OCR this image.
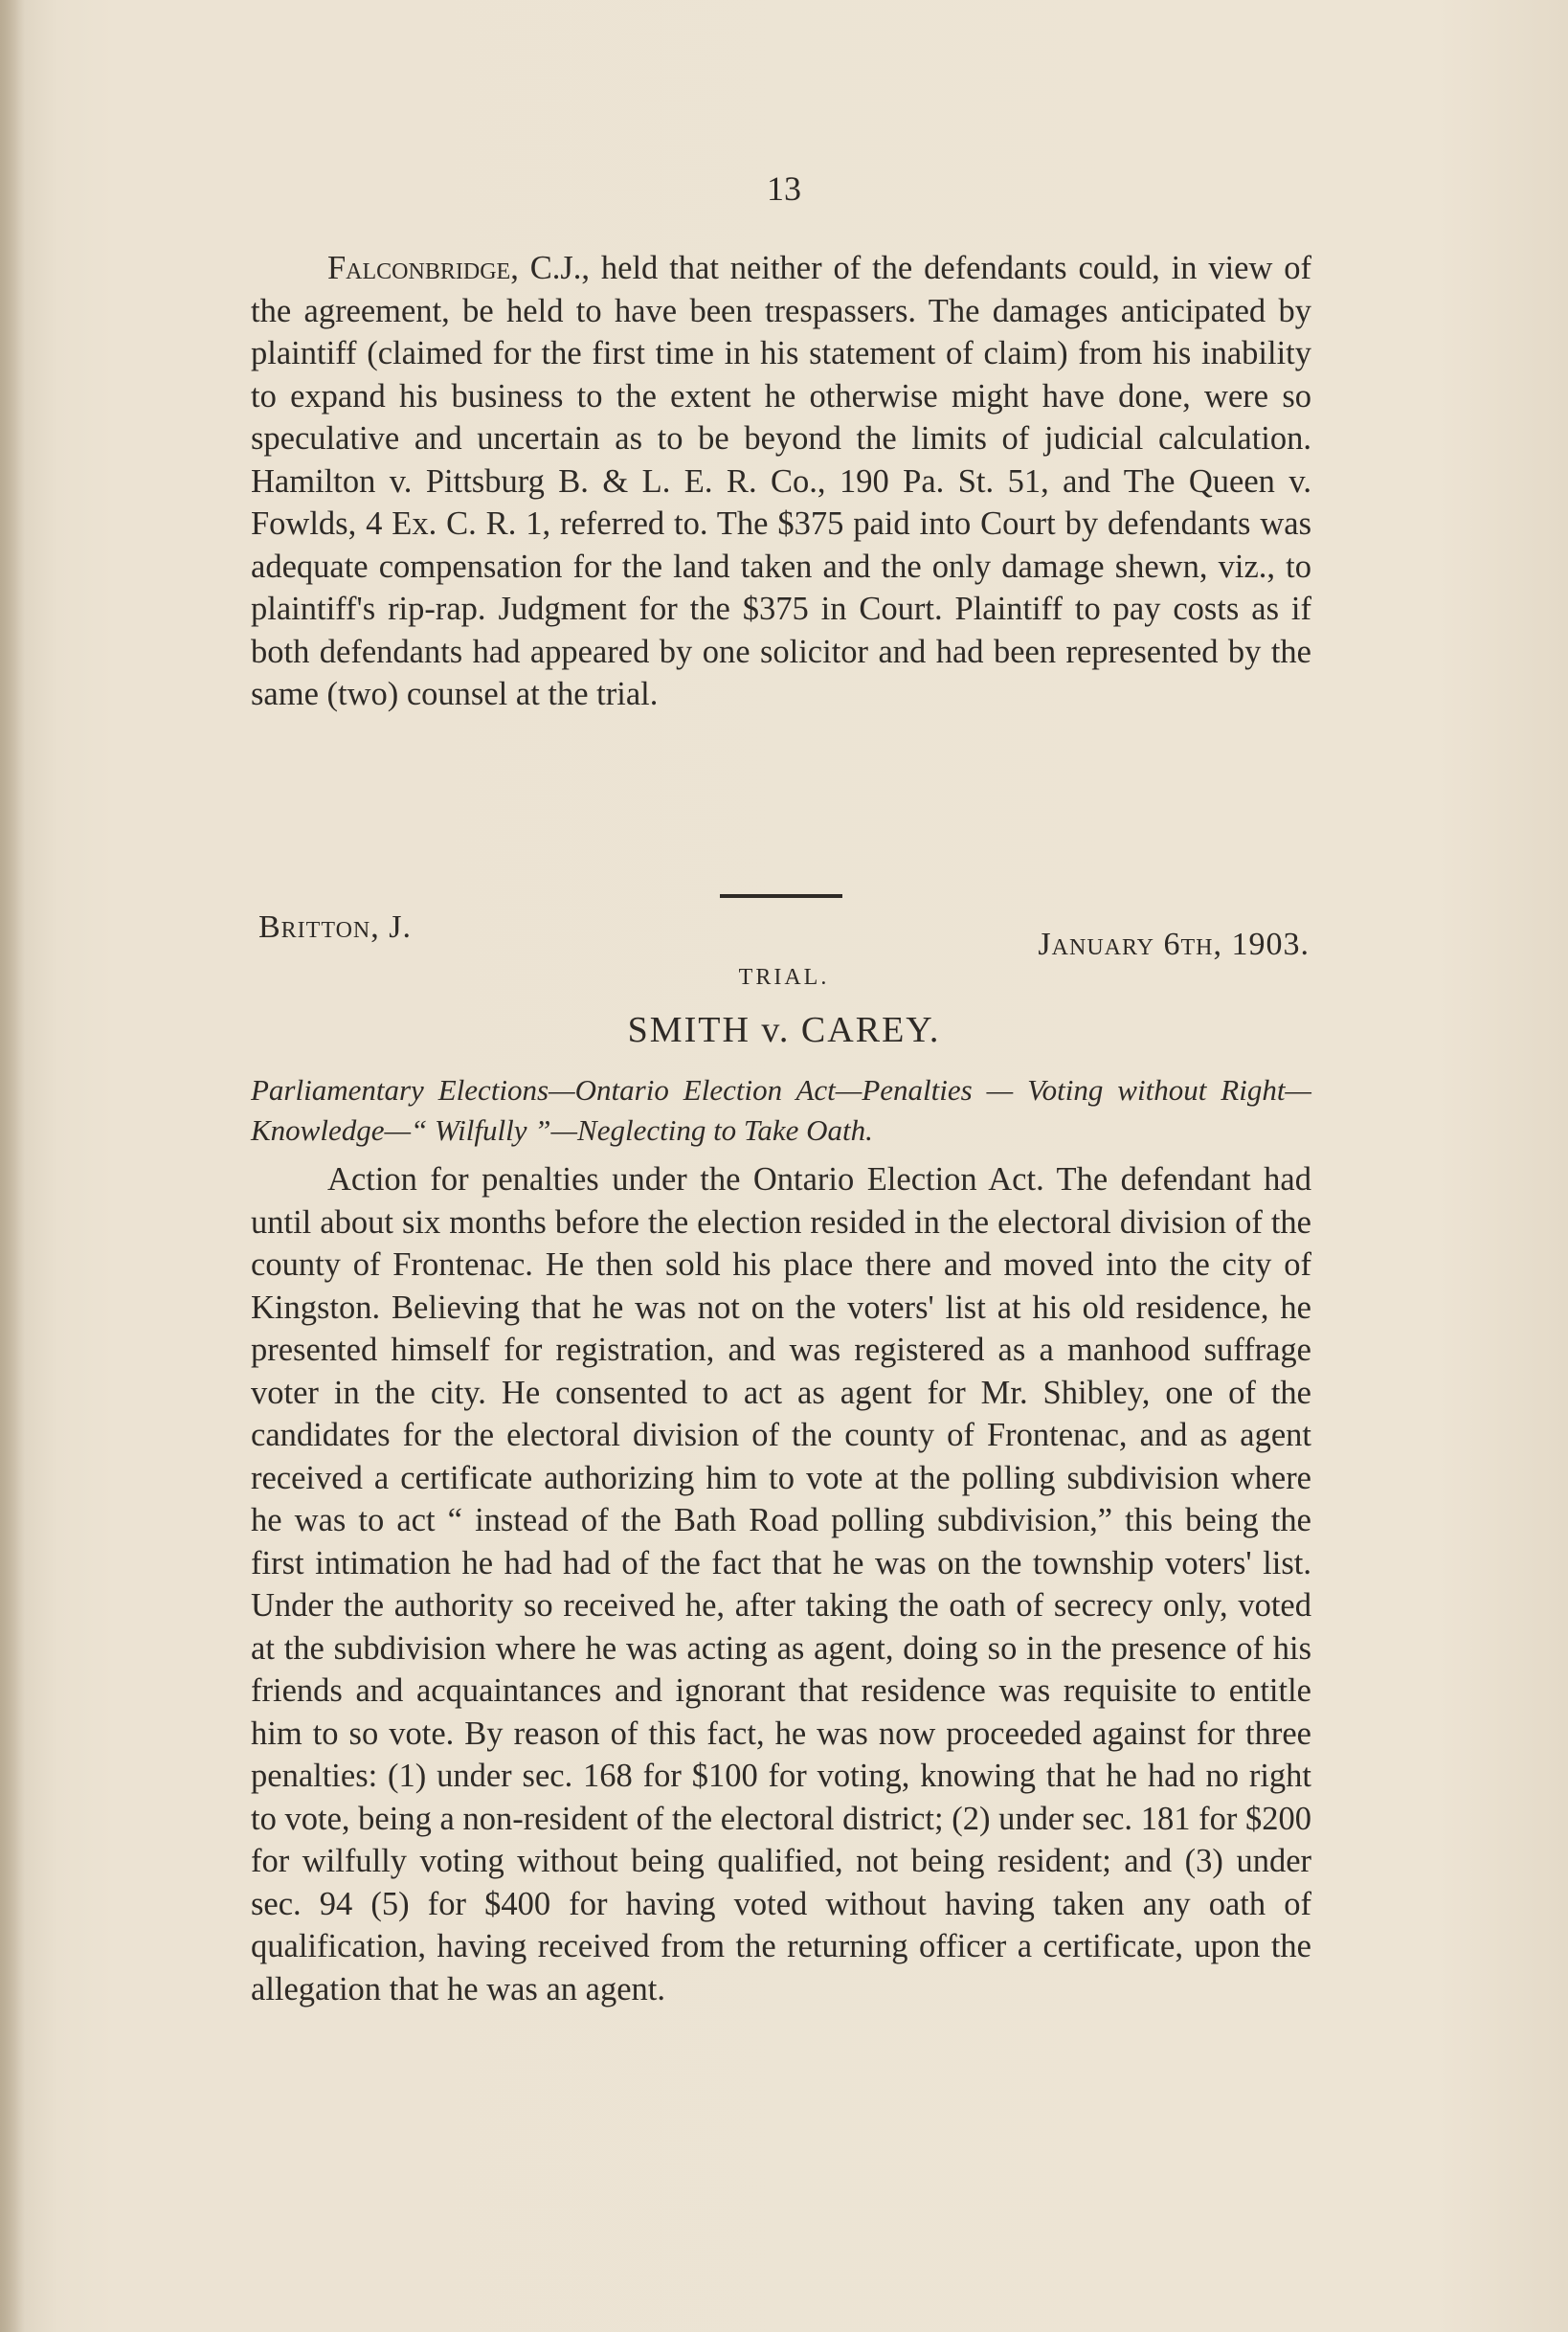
13

Falconbridge, C.J., held that neither of the defendants could, in view of the agreement, be held to have been trespassers. The damages anticipated by plaintiff (claimed for the first time in his statement of claim) from his inability to expand his business to the extent he otherwise might have done, were so speculative and uncertain as to be beyond the limits of judicial calculation. Hamilton v. Pittsburg B. & L. E. R. Co., 190 Pa. St. 51, and The Queen v. Fowlds, 4 Ex. C. R. 1, referred to. The $375 paid into Court by defendants was adequate compensation for the land taken and the only damage shewn, viz., to plaintiff's rip-rap. Judgment for the $375 in Court. Plaintiff to pay costs as if both defendants had appeared by one solicitor and had been represented by the same (two) counsel at the trial.

Britton, J.	January 6th, 1903.
TRIAL.
SMITH v. CAREY.

Parliamentary Elections—Ontario Election Act—Penalties — Voting without Right—Knowledge—“ Wilfully ”—Neglecting to Take Oath.

Action for penalties under the Ontario Election Act. The defendant had until about six months before the election resided in the electoral division of the county of Frontenac. He then sold his place there and moved into the city of Kingston. Believing that he was not on the voters' list at his old residence, he presented himself for registration, and was registered as a manhood suffrage voter in the city. He consented to act as agent for Mr. Shibley, one of the candidates for the electoral division of the county of Frontenac, and as agent received a certificate authorizing him to vote at the polling subdivision where he was to act “ instead of the Bath Road polling subdivision,” this being the first intimation he had had of the fact that he was on the township voters' list. Under the authority so received he, after taking the oath of secrecy only, voted at the subdivision where he was acting as agent, doing so in the presence of his friends and acquaintances and ignorant that residence was requisite to entitle him to so vote. By reason of this fact, he was now proceeded against for three penalties: (1) under sec. 168 for $100 for voting, knowing that he had no right to vote, being a non-resident of the electoral district; (2) under sec. 181 for $200 for wilfully voting without being qualified, not being resident; and (3) under sec. 94 (5) for $400 for having voted without having taken any oath of qualification, having received from the returning officer a certificate, upon the allegation that he was an agent.
